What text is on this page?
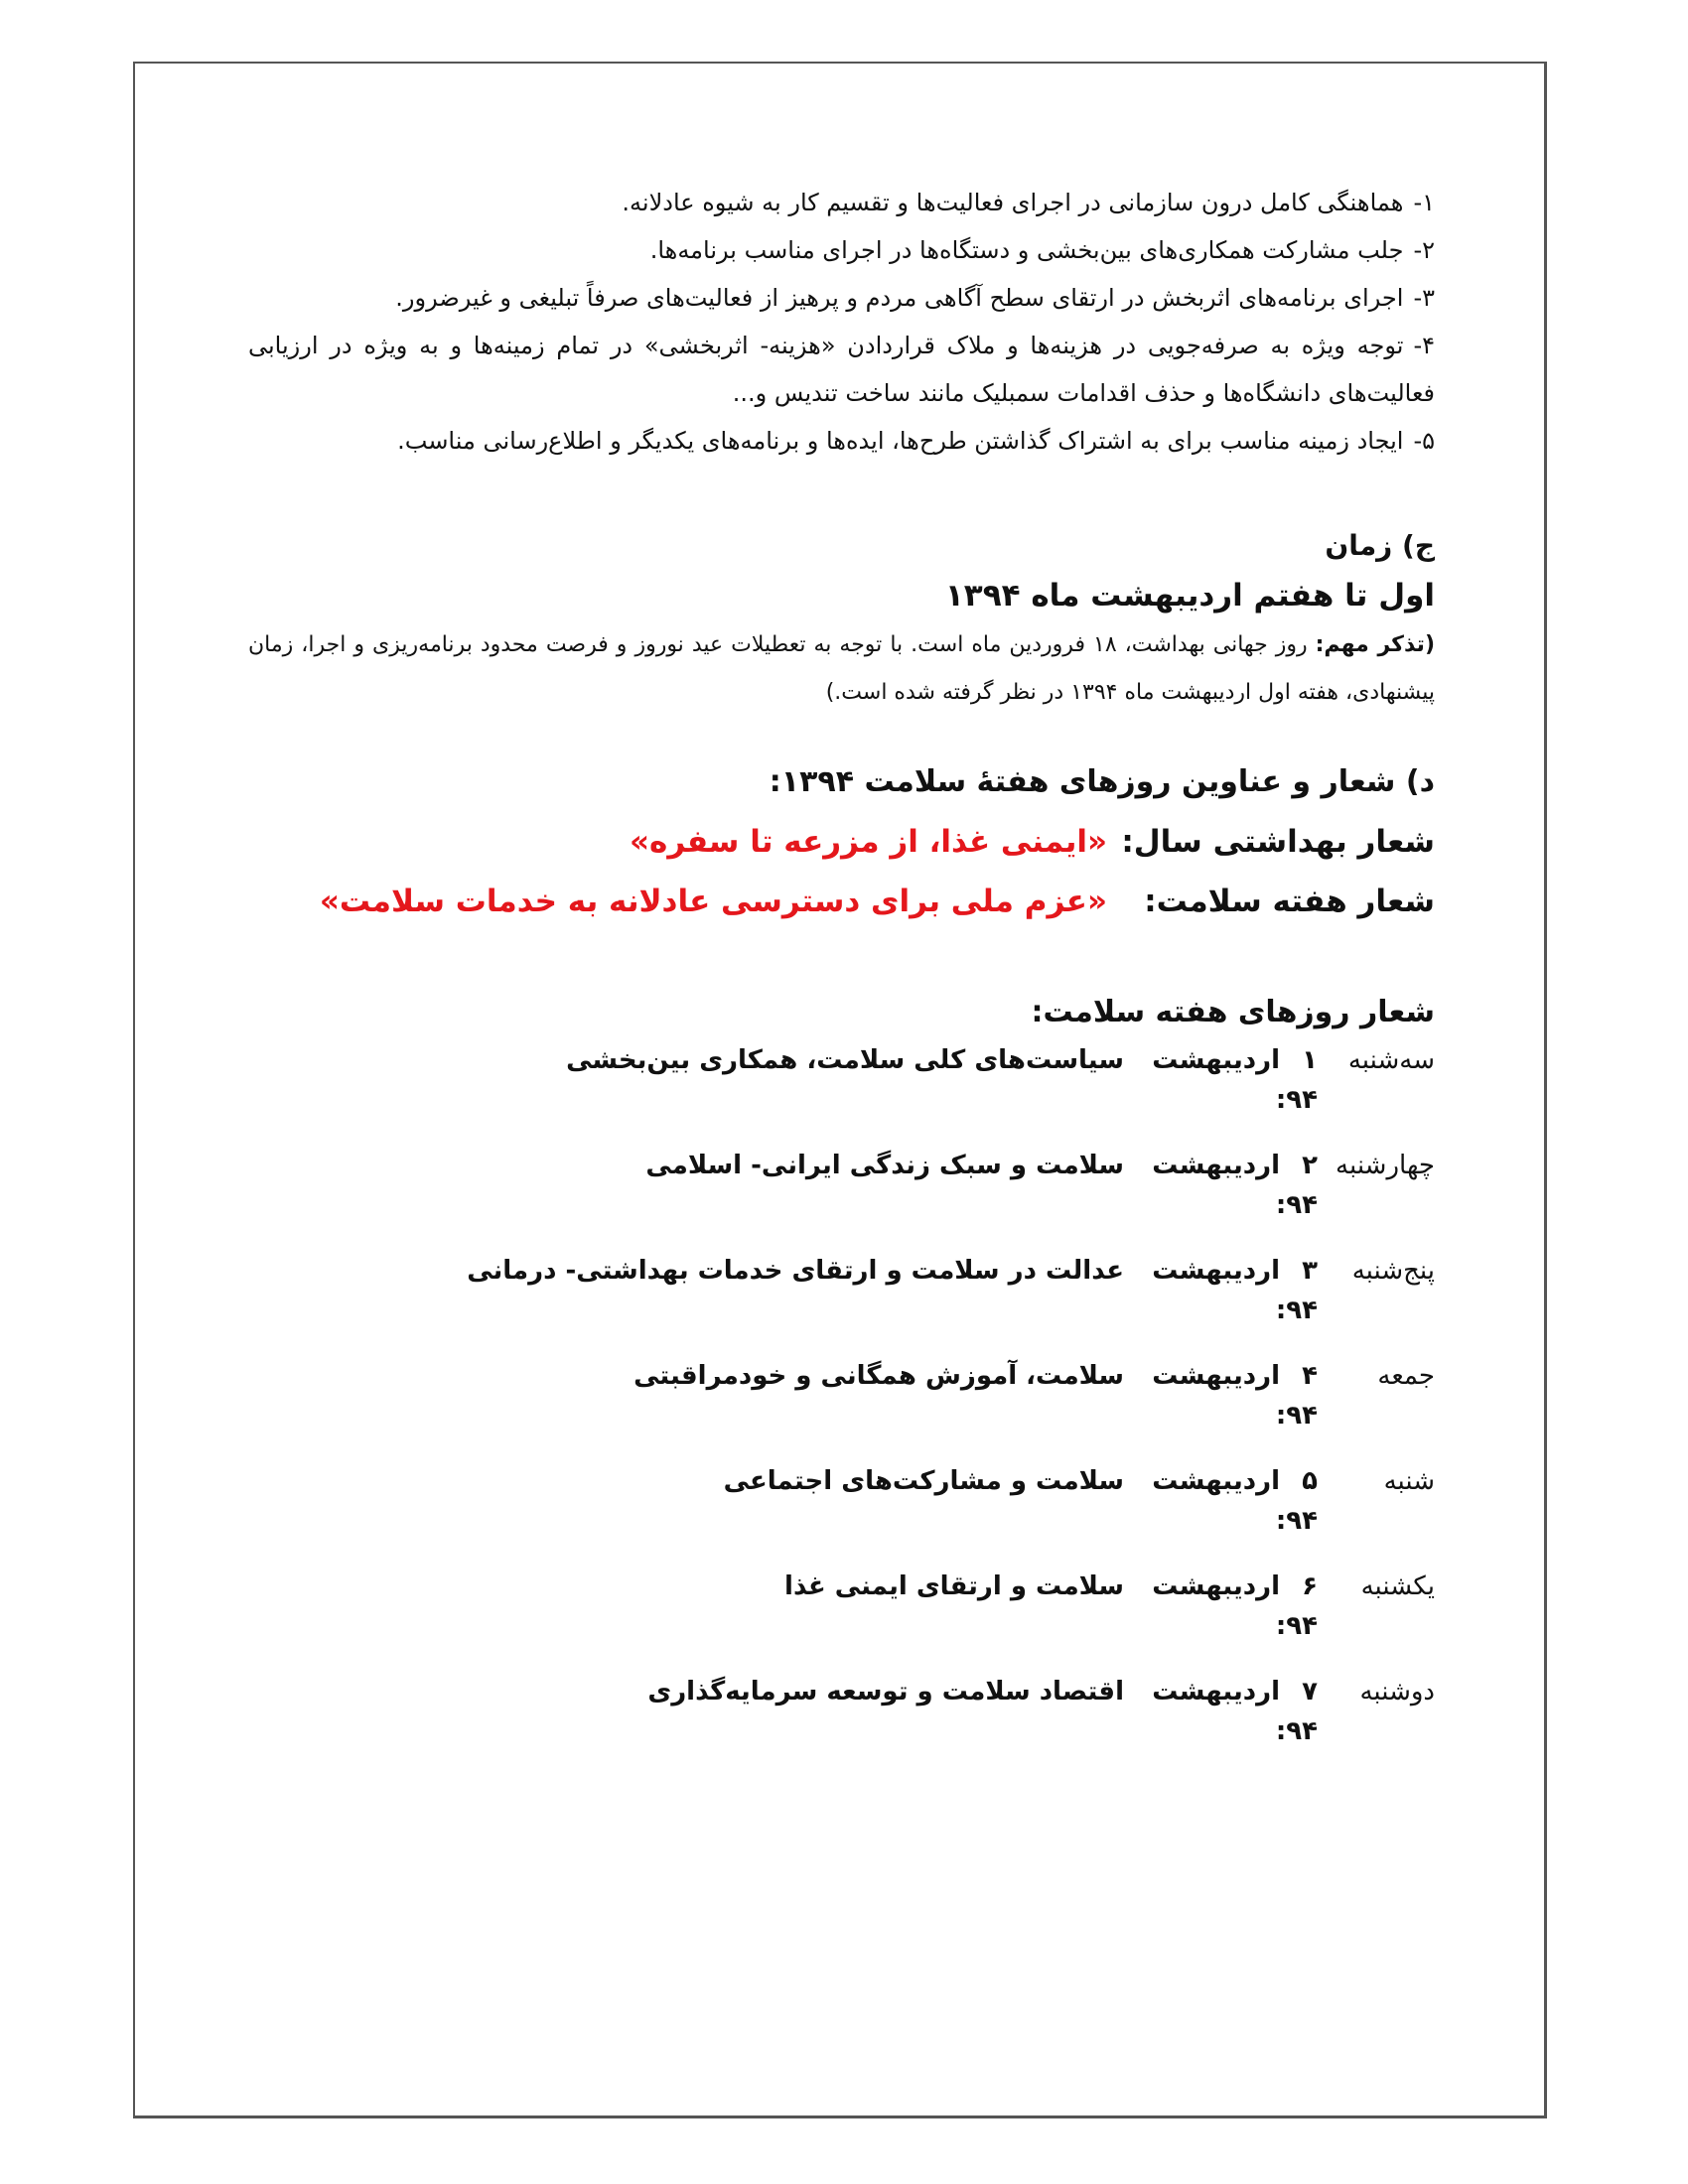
۱-هماهنگی کامل درون سازمانی در اجرای فعالیت‌ها و تقسیم کار به شیوه عادلانه.
۲-جلب مشارکت همکاری‌های بین‌بخشی و دستگاه‌ها در اجرای مناسب برنامه‌ها.
۳-اجرای برنامه‌های اثربخش در ارتقای سطح آگاهی مردم و پرهیز از فعالیت‌های صرفاً تبلیغی و غیرضرور.
۴-توجه ویژه به صرفه‌جویی در هزینه‌ها و ملاک قراردادن «هزینه- اثربخشی» در تمام زمینه‌ها و به ویژه در ارزیابی فعالیت‌های دانشگاه‌ها و حذف اقدامات سمبلیک مانند ساخت تندیس و...
۵-ایجاد زمینه مناسب برای به اشتراک گذاشتن طرح‌ها، ایده‌ها و برنامه‌های یکدیگر و اطلاع‌رسانی مناسب.
ج) زمان
اول تا هفتم اردیبهشت ماه ۱۳۹۴
(تذکر مهم: روز جهانی بهداشت، ۱۸ فروردین ماه است. با توجه به تعطیلات عید نوروز و فرصت محدود برنامه‌ریزی و اجرا، زمان پیشنهادی، هفته اول اردیبهشت ماه ۱۳۹۴ در نظر گرفته شده است.)
د) شعار و عناوین روزهای هفتهٔ سلامت ۱۳۹۴:
شعار بهداشتی سال:
«ایمنی غذا، از مزرعه تا سفره»
شعار هفته سلامت:
«عزم ملی برای دسترسی عادلانه به خدمات سلامت»
شعار روزهای هفته سلامت:
سه‌شنبه
۱اردیبهشت ۹۴:
سیاست‌های کلی سلامت، همکاری بین‌بخشی
چهارشنبه
۲اردیبهشت ۹۴:
سلامت و سبک زندگی ایرانی- اسلامی
پنج‌شنبه
۳اردیبهشت ۹۴:
عدالت در سلامت و ارتقای خدمات بهداشتی- درمانی
جمعه
۴اردیبهشت ۹۴:
سلامت، آموزش همگانی و خودمراقبتی
شنبه
۵اردیبهشت ۹۴:
سلامت و مشارکت‌های اجتماعی
یکشنبه
۶اردیبهشت ۹۴:
سلامت و ارتقای ایمنی غذا
دوشنبه
۷اردیبهشت ۹۴:
اقتصاد سلامت و توسعه سرمایه‌گذاری
